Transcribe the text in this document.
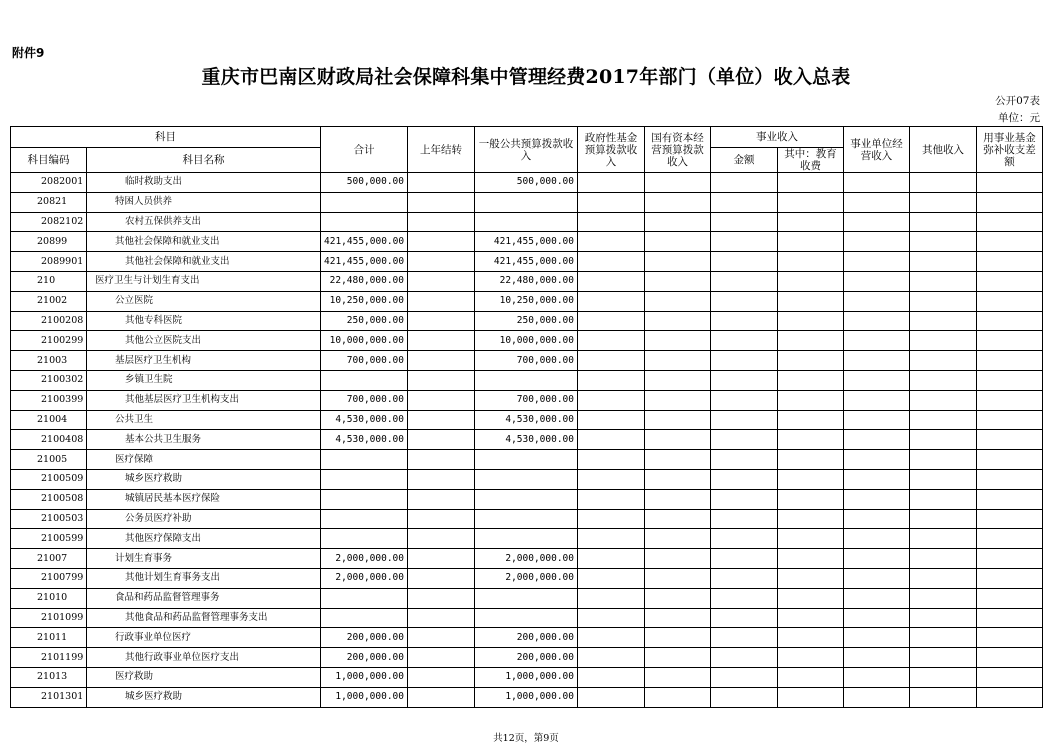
附件9
重庆市巴南区财政局社会保障科集中管理经费2017年部门（单位）收入总表
公开07表
单位：元
科目		合计	上年结转	一般公共预算拨款收入	政府性基金预算拨款收入	国有资本经营预算拨款收入	事业收入		事业单位经营收入	其他收入	用事业基金弥补收支差额
科目编码	科目名称						金额	其中：教育收费			
2082001	临时救助支出	500,000.00		500,000.00							
20821	特困人员供养										
2082102	农村五保供养支出										
20899	其他社会保障和就业支出	421,455,000.00		421,455,000.00							
2089901	其他社会保障和就业支出	421,455,000.00		421,455,000.00							
210	医疗卫生与计划生育支出	22,480,000.00		22,480,000.00							
21002	公立医院	10,250,000.00		10,250,000.00							
2100208	其他专科医院	250,000.00		250,000.00							
2100299	其他公立医院支出	10,000,000.00		10,000,000.00							
21003	基层医疗卫生机构	700,000.00		700,000.00							
2100302	乡镇卫生院										
2100399	其他基层医疗卫生机构支出	700,000.00		700,000.00							
21004	公共卫生	4,530,000.00		4,530,000.00							
2100408	基本公共卫生服务	4,530,000.00		4,530,000.00							
21005	医疗保障										
2100509	城乡医疗救助										
2100508	城镇居民基本医疗保险										
2100503	公务员医疗补助										
2100599	其他医疗保障支出										
21007	计划生育事务	2,000,000.00		2,000,000.00							
2100799	其他计划生育事务支出	2,000,000.00		2,000,000.00							
21010	食品和药品监督管理事务										
2101099	其他食品和药品监督管理事务支出										
21011	行政事业单位医疗	200,000.00		200,000.00							
2101199	其他行政事业单位医疗支出	200,000.00		200,000.00							
21013	医疗救助	1,000,000.00		1,000,000.00							
2101301	城乡医疗救助	1,000,000.00		1,000,000.00							
共12页，第9页
